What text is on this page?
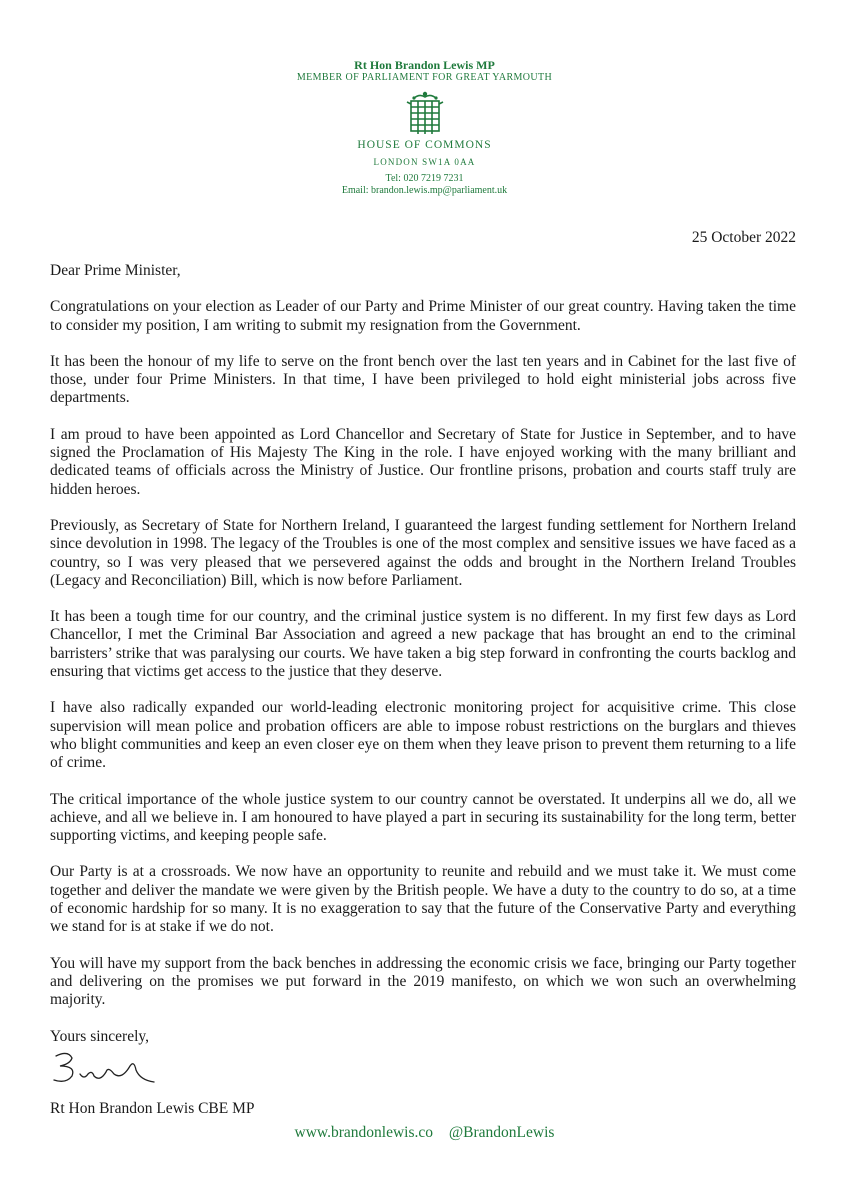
Rt Hon Brandon Lewis MP
MEMBER OF PARLIAMENT FOR GREAT YARMOUTH
HOUSE OF COMMONS
LONDON SW1A 0AA
Tel: 020 7219 7231
Email: brandon.lewis.mp@parliament.uk
25 October 2022

Dear Prime Minister,

Congratulations on your election as Leader of our Party and Prime Minister of our great country. Having taken the time to consider my position, I am writing to submit my resignation from the Government.

It has been the honour of my life to serve on the front bench over the last ten years and in Cabinet for the last five of those, under four Prime Ministers. In that time, I have been privileged to hold eight ministerial jobs across five departments.

I am proud to have been appointed as Lord Chancellor and Secretary of State for Justice in September, and to have signed the Proclamation of His Majesty The King in the role. I have enjoyed working with the many brilliant and dedicated teams of officials across the Ministry of Justice. Our frontline prisons, probation and courts staff truly are hidden heroes.

Previously, as Secretary of State for Northern Ireland, I guaranteed the largest funding settlement for Northern Ireland since devolution in 1998. The legacy of the Troubles is one of the most complex and sensitive issues we have faced as a country, so I was very pleased that we persevered against the odds and brought in the Northern Ireland Troubles (Legacy and Reconciliation) Bill, which is now before Parliament.

It has been a tough time for our country, and the criminal justice system is no different. In my first few days as Lord Chancellor, I met the Criminal Bar Association and agreed a new package that has brought an end to the criminal barristers’ strike that was paralysing our courts. We have taken a big step forward in confronting the courts backlog and ensuring that victims get access to the justice that they deserve.

I have also radically expanded our world-leading electronic monitoring project for acquisitive crime. This close supervision will mean police and probation officers are able to impose robust restrictions on the burglars and thieves who blight communities and keep an even closer eye on them when they leave prison to prevent them returning to a life of crime.

The critical importance of the whole justice system to our country cannot be overstated. It underpins all we do, all we achieve, and all we believe in. I am honoured to have played a part in securing its sustainability for the long term, better supporting victims, and keeping people safe.

Our Party is at a crossroads. We now have an opportunity to reunite and rebuild and we must take it. We must come together and deliver the mandate we were given by the British people. We have a duty to the country to do so, at a time of economic hardship for so many. It is no exaggeration to say that the future of the Conservative Party and everything we stand for is at stake if we do not.

You will have my support from the back benches in addressing the economic crisis we face, bringing our Party together and delivering on the promises we put forward in the 2019 manifesto, on which we won such an overwhelming majority.

Yours sincerely,

Rt Hon Brandon Lewis CBE MP
www.brandonlewis.co @BrandonLewis
